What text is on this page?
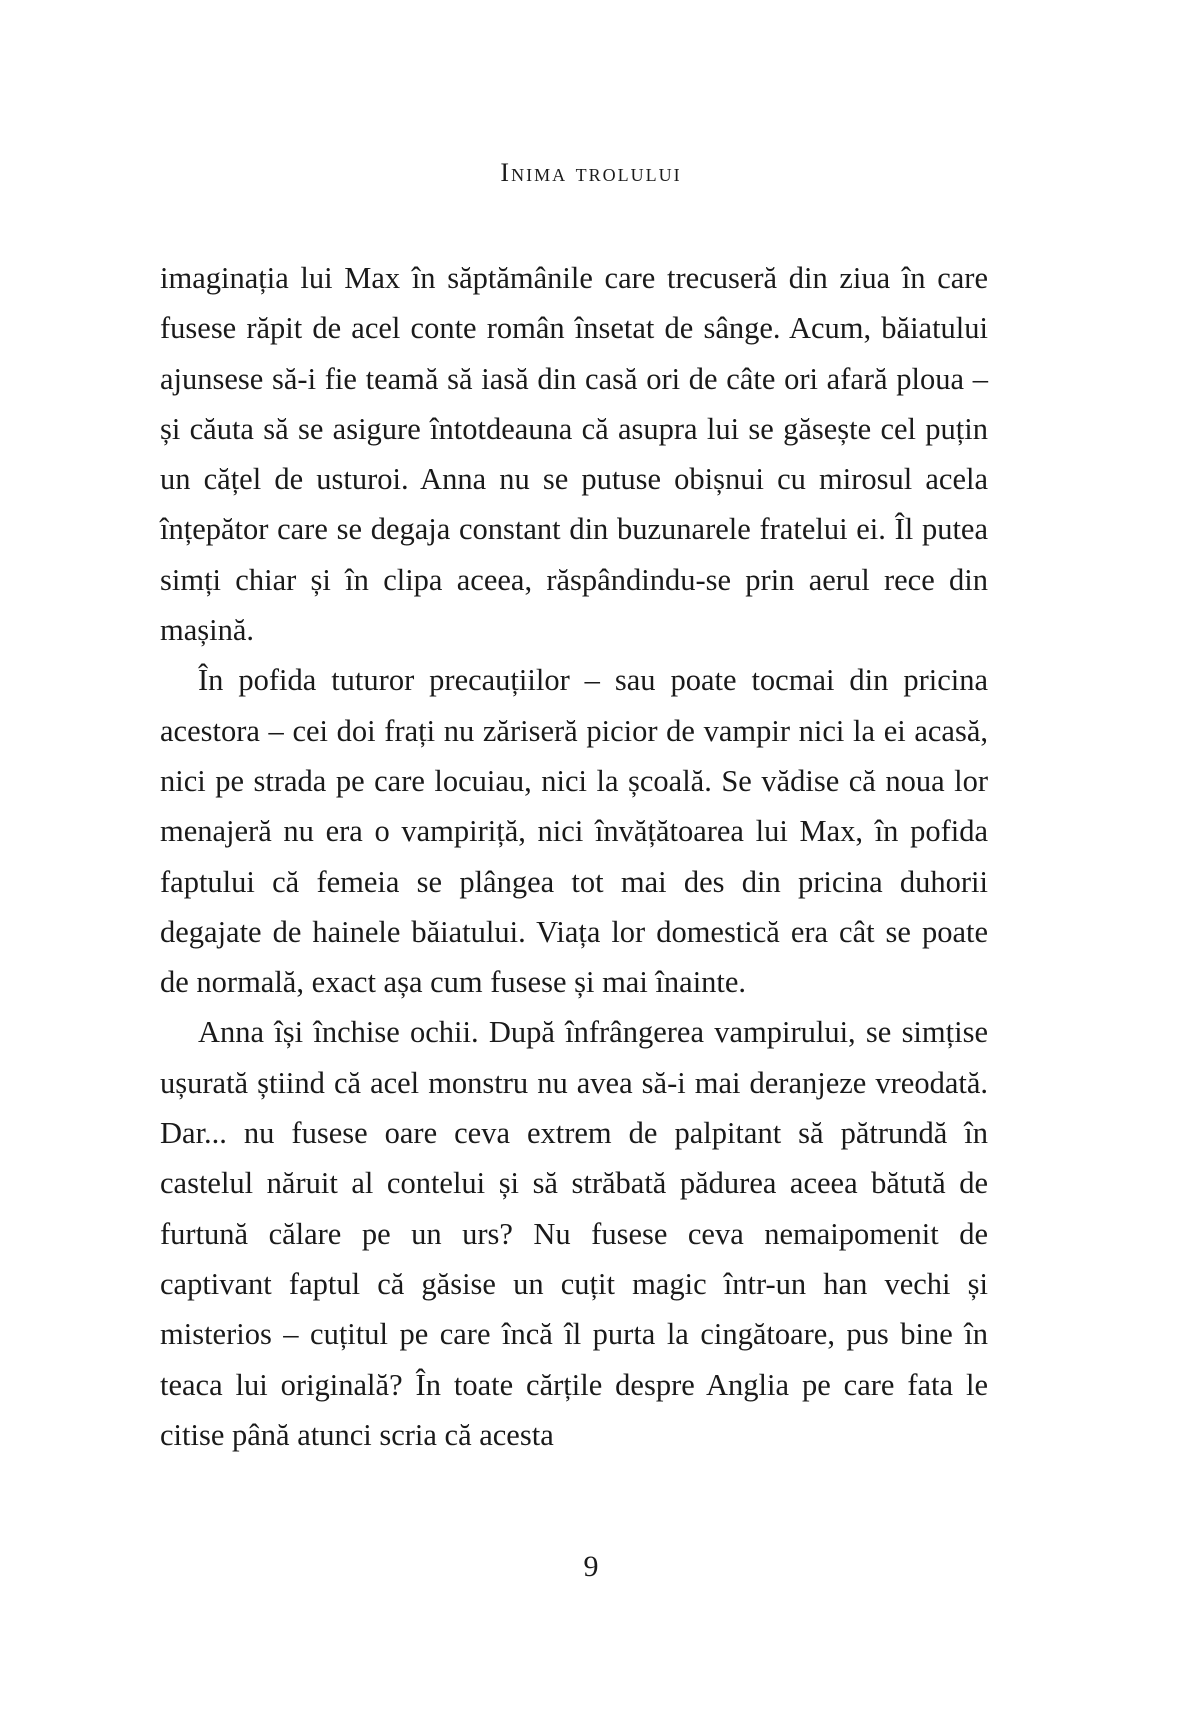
Inima trolului

imaginația lui Max în săptămânile care trecuseră din ziua în care fusese răpit de acel conte român însetat de sânge. Acum, băiatului ajunsese să-i fie teamă să iasă din casă ori de câte ori afară ploua – și căuta să se asigure întotdeauna că asupra lui se găsește cel puțin un cățel de usturoi. Anna nu se putuse obișnui cu mirosul acela înțepător care se degaja constant din buzunarele fratelui ei. Îl putea simți chiar și în clipa aceea, răspândindu-se prin aerul rece din mașină.

În pofida tuturor precauțiilor – sau poate tocmai din pricina acestora – cei doi frați nu zăriseră picior de vampir nici la ei acasă, nici pe strada pe care locuiau, nici la școală. Se vădise că noua lor menajeră nu era o vampiriță, nici învățătoarea lui Max, în pofida faptului că femeia se plângea tot mai des din pricina duhorii degajate de hainele băiatului. Viața lor domestică era cât se poate de normală, exact așa cum fusese și mai înainte.

Anna își închise ochii. După înfrângerea vampirului, se simțise ușurată știind că acel monstru nu avea să-i mai deranjeze vreodată. Dar... nu fusese oare ceva extrem de palpitant să pătrundă în castelul năruit al contelui și să străbată pădurea aceea bătută de furtună călare pe un urs? Nu fusese ceva nemaipomenit de captivant faptul că găsise un cuțit magic într-un han vechi și misterios – cuțitul pe care încă îl purta la cingătoare, pus bine în teaca lui originală? În toate cărțile despre Anglia pe care fata le citise până atunci scria că acesta

9
